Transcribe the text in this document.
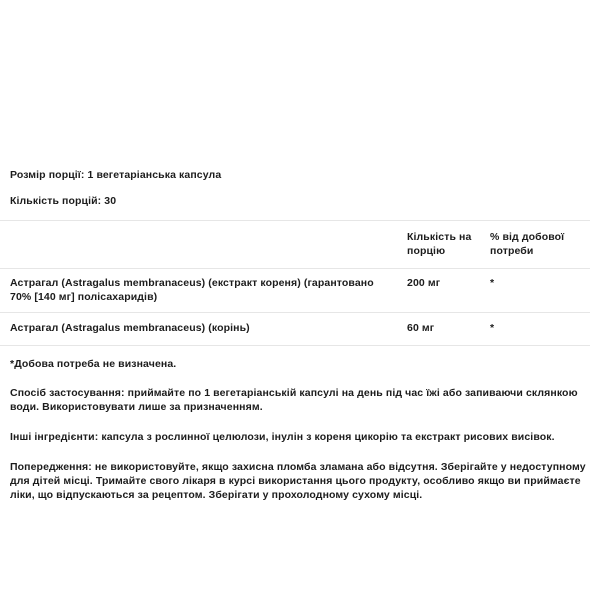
Розмір порції: 1 вегетаріанська капсула

Кількість порцій: 30

	Кількість на порцію	% від добової потреби
Астрагал (Astragalus membranaceus) (екстракт кореня) (гарантовано 70% [140 мг] полісахаридів)	200 мг	*
Астрагал (Astragalus membranaceus) (корінь)	60 мг	*

*Добова потреба не визначена.

Спосіб застосування: приймайте по 1 вегетаріанській капсулі на день під час їжі або запиваючи склянкою води. Використовувати лише за призначенням.

Інші інгредієнти: капсула з рослинної целюлози, інулін з кореня цикорію та екстракт рисових висівок.

Попередження: не використовуйте, якщо захисна пломба зламана або відсутня. Зберігайте у недоступному для дітей місці. Тримайте свого лікаря в курсі використання цього продукту, особливо якщо ви приймаєте ліки, що відпускаються за рецептом. Зберігати у прохолодному сухому місці.
